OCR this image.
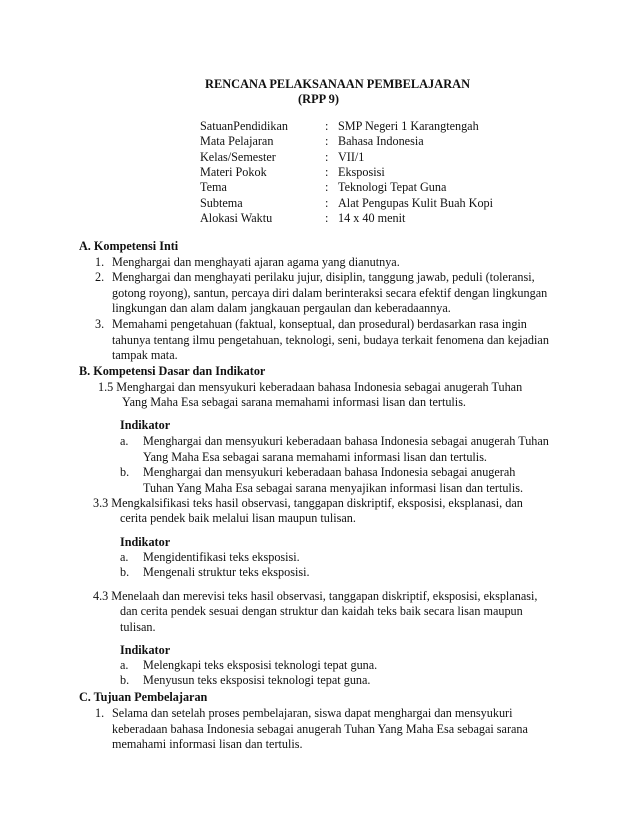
RENCANA PELAKSANAAN PEMBELAJARAN
(RPP 9)
SatuanPendidikan	: SMP Negeri 1 Karangtengah
Mata Pelajaran	: Bahasa Indonesia
Kelas/Semester	: VII/1
Materi Pokok	: Eksposisi
Tema	: Teknologi Tepat Guna
Subtema	: Alat Pengupas Kulit Buah Kopi
Alokasi Waktu	: 14 x 40 menit
A. Kompetensi Inti
1. Menghargai dan menghayati ajaran agama yang dianutnya.
2. Menghargai dan menghayati perilaku jujur, disiplin, tanggung jawab, peduli (toleransi,
gotong royong), santun, percaya diri dalam berinteraksi secara efektif dengan lingkungan
lingkungan dan alam dalam jangkauan pergaulan dan keberadaannya.
3. Memahami pengetahuan (faktual, konseptual, dan prosedural) berdasarkan rasa ingin
tahunya tentang ilmu pengetahuan, teknologi, seni, budaya terkait fenomena dan kejadian
tampak mata.
B. Kompetensi Dasar dan Indikator
1.5 Menghargai dan mensyukuri keberadaan bahasa Indonesia sebagai anugerah Tuhan
Yang Maha Esa sebagai sarana memahami informasi lisan dan tertulis.
Indikator
a. Menghargai dan mensyukuri keberadaan bahasa Indonesia sebagai anugerah Tuhan
Yang Maha Esa sebagai sarana memahami informasi lisan dan tertulis.
b. Menghargai dan mensyukuri keberadaan bahasa Indonesia sebagai anugerah
Tuhan Yang Maha Esa sebagai sarana menyajikan informasi lisan dan tertulis.
3.3 Mengkalsifikasi teks hasil observasi, tanggapan diskriptif, eksposisi, eksplanasi, dan
cerita pendek baik melalui lisan maupun tulisan.
Indikator
a. Mengidentifikasi teks eksposisi.
b. Mengenali struktur teks eksposisi.
4.3 Menelaah dan merevisi teks hasil observasi, tanggapan diskriptif, eksposisi, eksplanasi,
dan cerita pendek sesuai dengan struktur dan kaidah teks baik secara lisan maupun
tulisan.
Indikator
a. Melengkapi teks eksposisi teknologi tepat guna.
b. Menyusun teks eksposisi teknologi tepat guna.
C. Tujuan Pembelajaran
1. Selama dan setelah proses pembelajaran, siswa dapat menghargai dan mensyukuri
keberadaan bahasa Indonesia sebagai anugerah Tuhan Yang Maha Esa sebagai sarana
memahami informasi lisan dan tertulis.
